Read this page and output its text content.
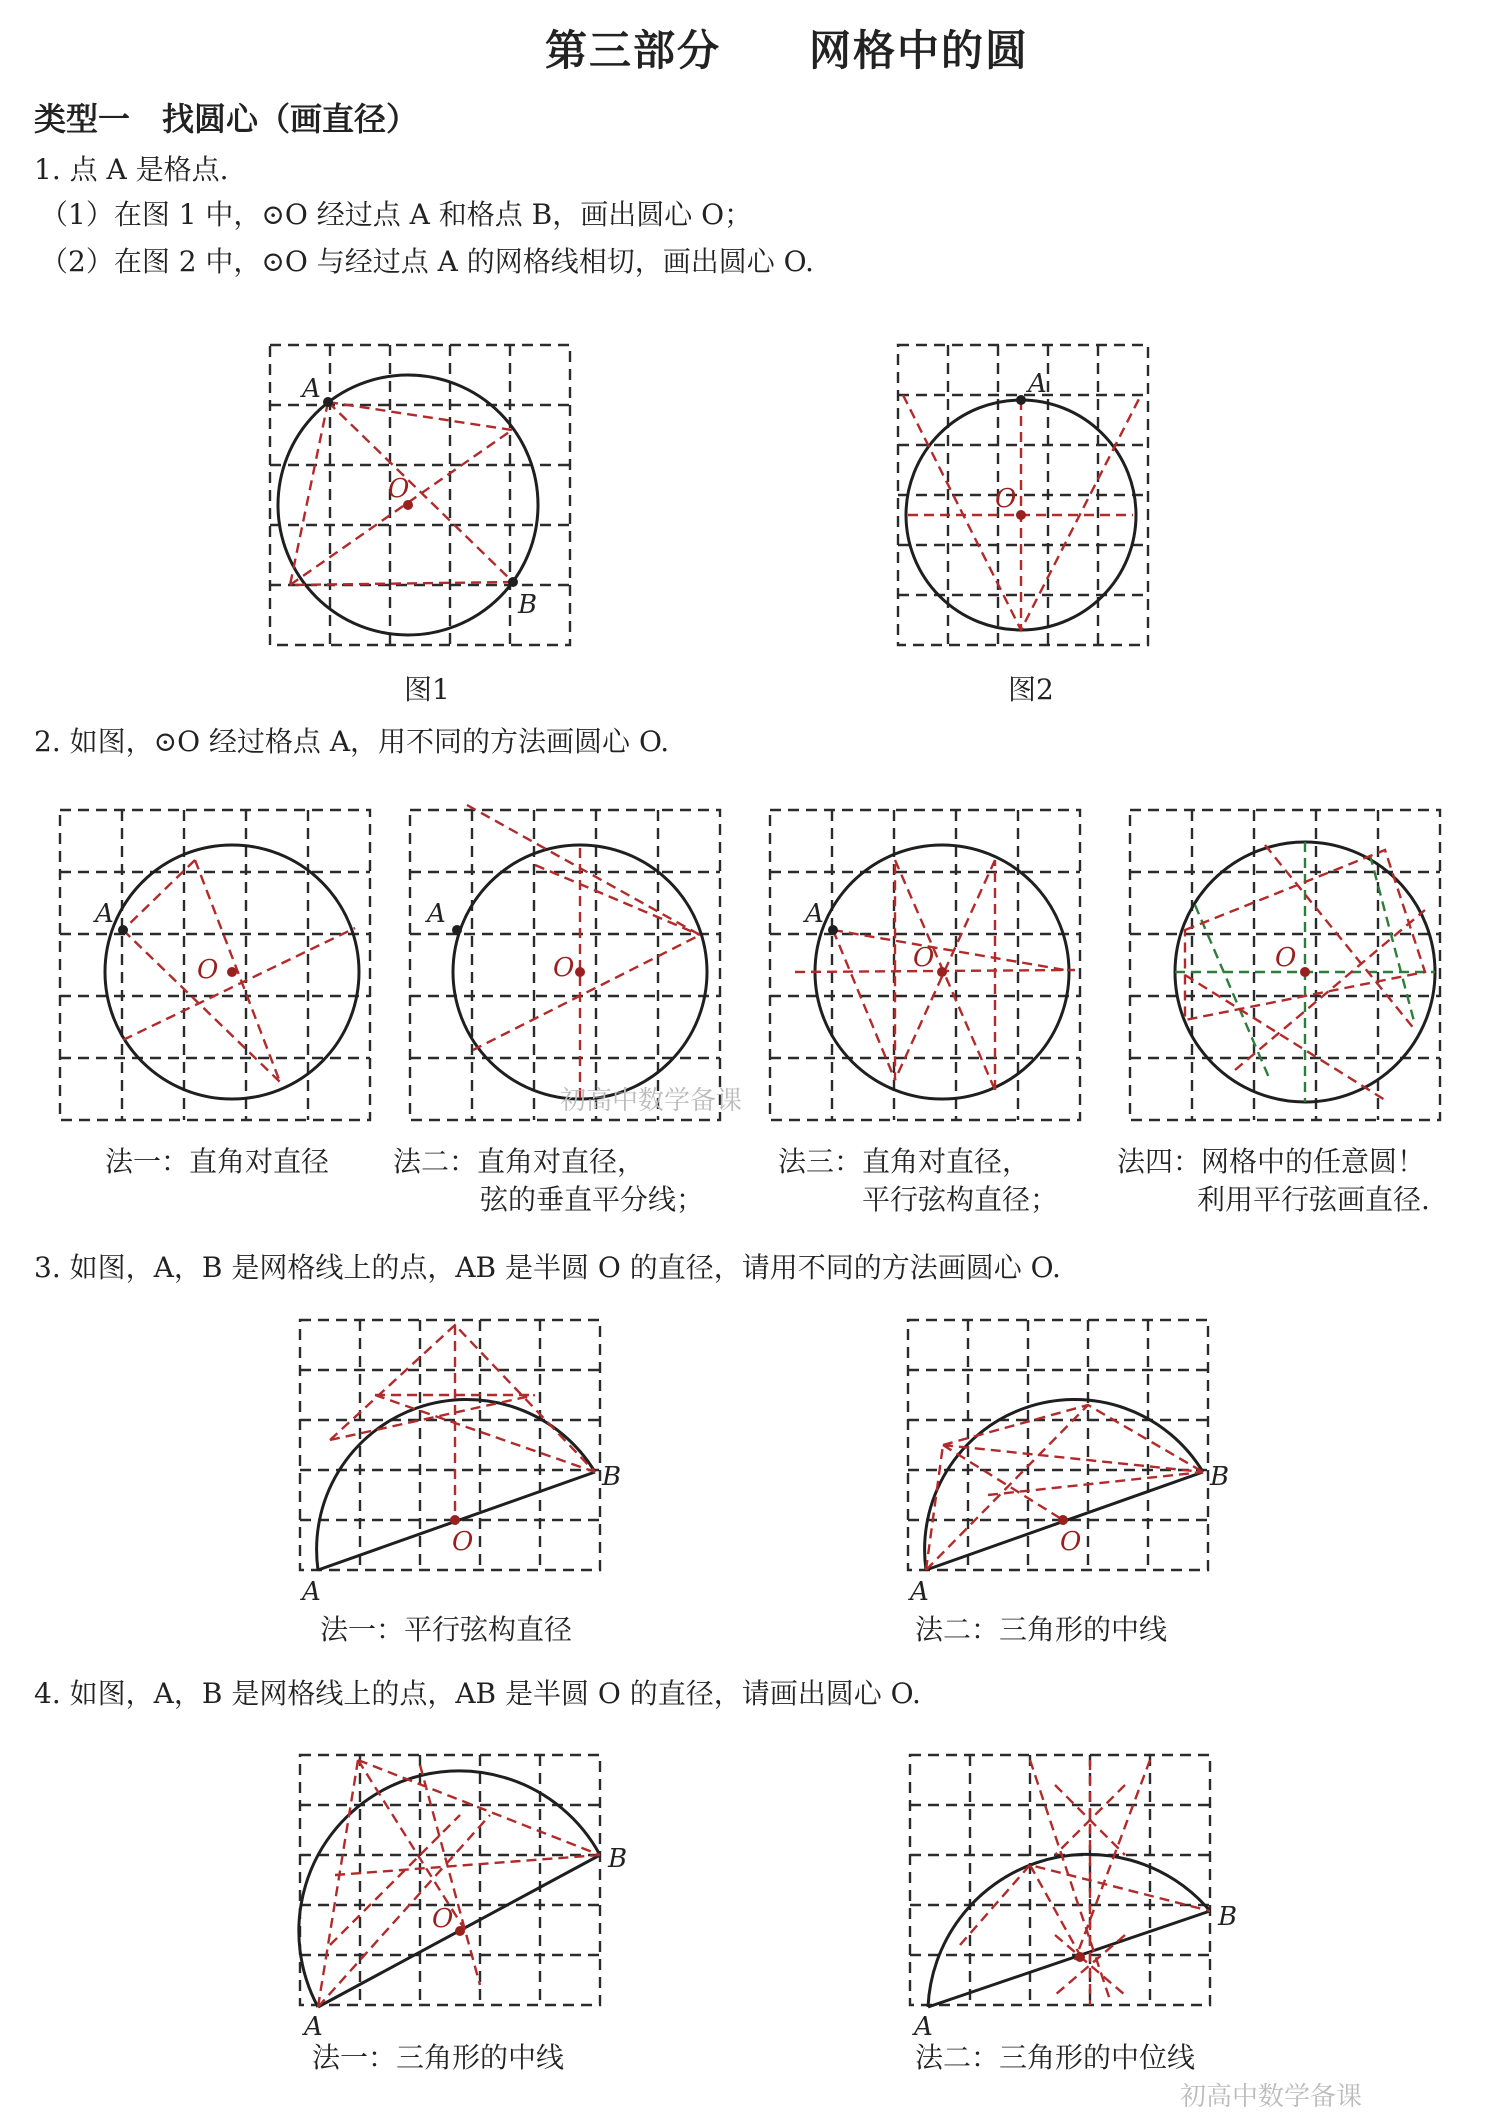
第三部分　　网格中的圆
类型一　找圆心（画直径）
1. 点 A 是格点.
（1）在图 1 中，⊙O 经过点 A 和格点 B，画出圆心 O；
（2）在图 2 中，⊙O 与经过点 A 的网格线相切，画出圆心 O.
A
B
O
图1
A
O
图2
2. 如图，⊙O 经过格点 A，用不同的方法画圆心 O.
A
O
A
O
A
O	O
初高中数学备课
法一：直角对直径 法二：直角对直径，
弦的垂直平分线；
法三：直角对直径，
平行弦构直径；
法四：网格中的任意圆！
利用平行弦画直径.
3. 如图，A，B 是网格线上的点，AB 是半圆 O 的直径，请用不同的方法画圆心 O.
A
B
O
法一：平行弦构直径
A
B
O
法二：三角形的中线
4. 如图，A，B 是网格线上的点，AB 是半圆 O 的直径，请画出圆心 O.
A
B
O
法一：三角形的中线
A
B
法二：三角形的中位线
初高中数学备课
